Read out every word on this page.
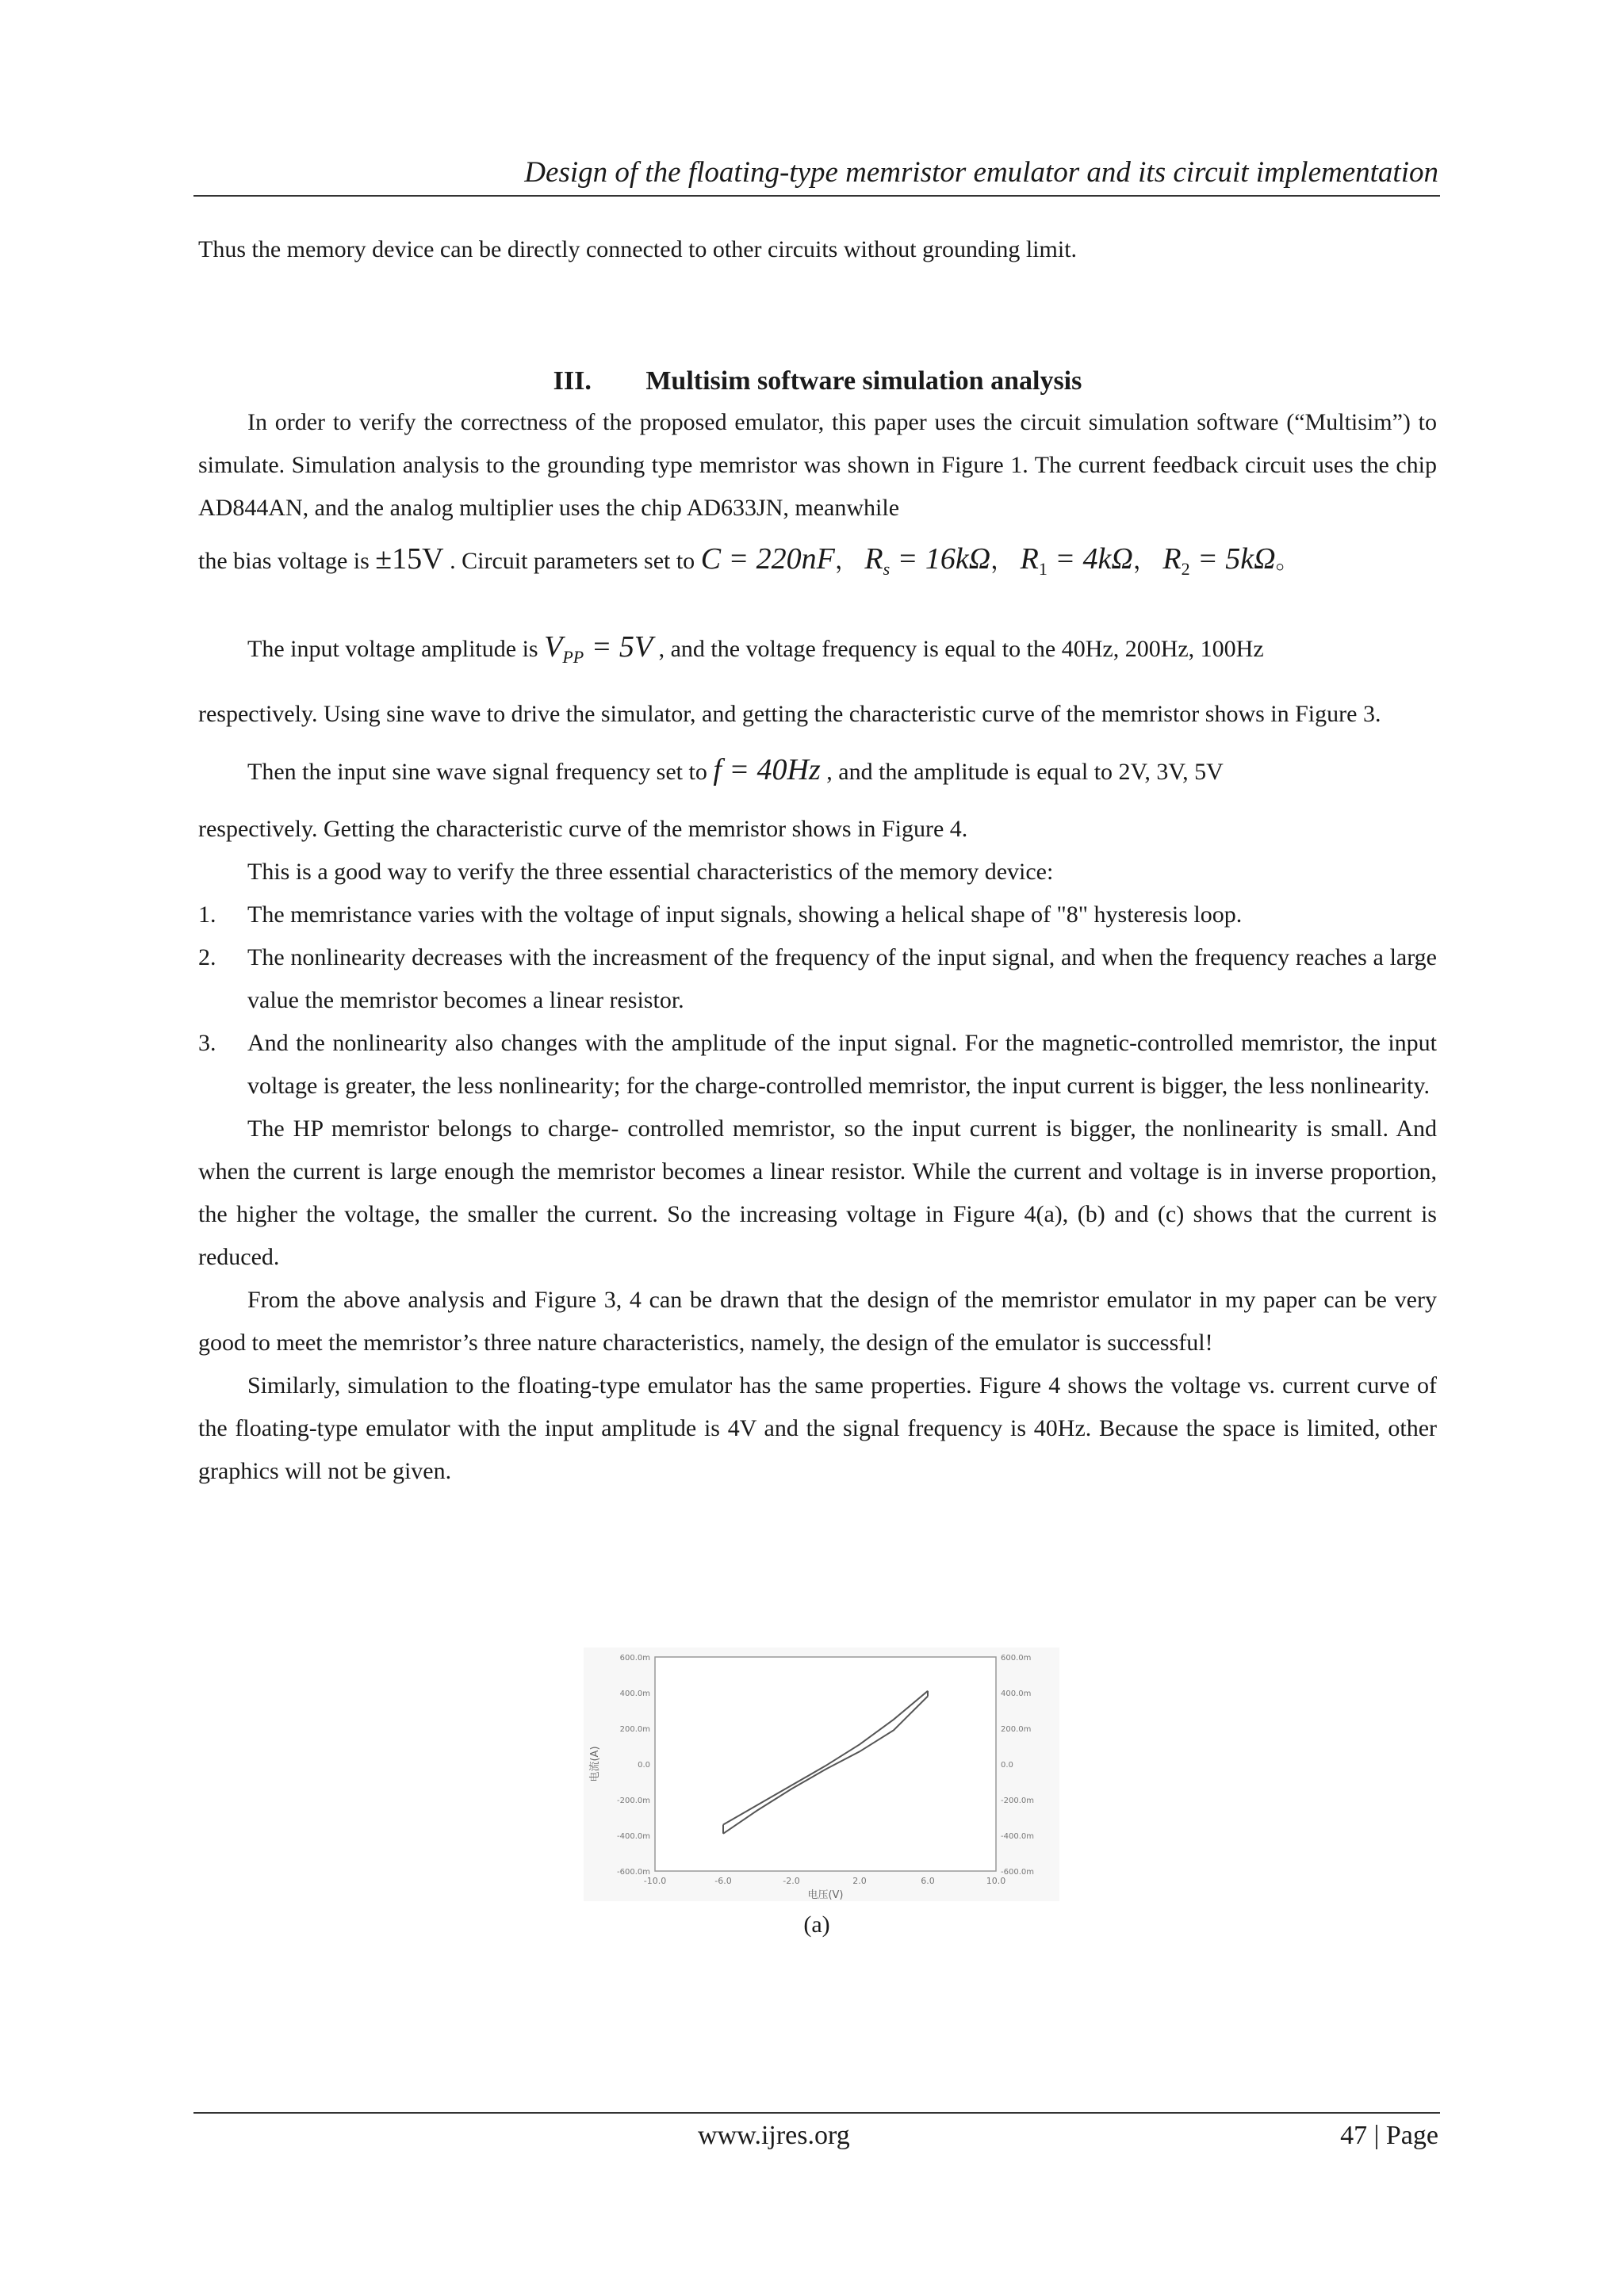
Design of the floating-type memristor emulator and its circuit implementation

Thus the memory device can be directly connected to other circuits without grounding limit.

III. Multisim software simulation analysis

In order to verify the correctness of the proposed emulator, this paper uses the circuit simulation software (“Multisim”) to simulate. Simulation analysis to the grounding type memristor was shown in Figure 1. The current feedback circuit uses the chip AD844AN, and the analog multiplier uses the chip AD633JN, meanwhile

the bias voltage is ±15V . Circuit parameters set to C = 220nF， $R_s = 16k\Omega$， $R_1 = 4k\Omega$， $R_2 = 5k\Omega$。

The input voltage amplitude is $V_{PP} = 5V$ , and the voltage frequency is equal to the 40Hz, 200Hz, 100Hz

respectively. Using sine wave to drive the simulator, and getting the characteristic curve of the memristor shows in Figure 3.

Then the input sine wave signal frequency set to f = 40Hz , and the amplitude is equal to 2V, 3V, 5V

respectively. Getting the characteristic curve of the memristor shows in Figure 4.

This is a good way to verify the three essential characteristics of the memory device:

1. The memristance varies with the voltage of input signals, showing a helical shape of "8" hysteresis loop.
2. The nonlinearity decreases with the increasment of the frequency of the input signal, and when the frequency reaches a large value the memristor becomes a linear resistor.
3. And the nonlinearity also changes with the amplitude of the input signal. For the magnetic-controlled memristor, the input voltage is greater, the less nonlinearity; for the charge-controlled memristor, the input current is bigger, the less nonlinearity.

The HP memristor belongs to charge- controlled memristor, so the input current is bigger, the nonlinearity is small. And when the current is large enough the memristor becomes a linear resistor. While the current and voltage is in inverse proportion, the higher the voltage, the smaller the current. So the increasing voltage in Figure 4(a), (b) and (c) shows that the current is reduced.

From the above analysis and Figure 3, 4 can be drawn that the design of the memristor emulator in my paper can be very good to meet the memristor’s three nature characteristics, namely, the design of the emulator is successful!

Similarly, simulation to the floating-type emulator has the same properties. Figure 4 shows the voltage vs. current curve of the floating-type emulator with the input amplitude is 4V and the signal frequency is 40Hz. Because the space is limited, other graphics will not be given.

-10.0	-6.0	-2.0	2.0	6.0	10.0
600.0m	600.0m
400.0m	400.0m
200.0m	200.0m
0.0	0.0
-200.0m	-200.0m
-400.0m	-400.0m
-600.0m	-600.0m
电流(A)
电压(V)
(a)
www.ijres.org	47 | Page
